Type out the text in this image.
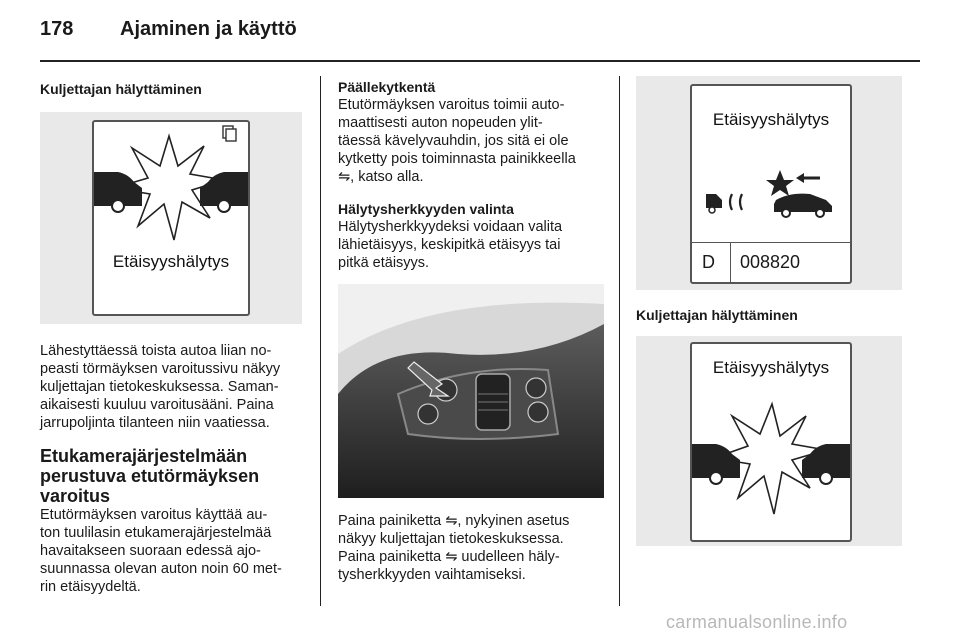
178 Ajaminen ja käyttö

Kuljettajan hälyttäminen

Etäisyyshälytys

Lähestyttäessä toista autoa liian no-

peasti törmäyksen varoitussivu näkyy

kuljettajan tietokeskuksessa. Saman-

aikaisesti kuuluu varoitusääni. Paina

jarrupoljinta tilanteen niin vaatiessa.

Etukamerajärjestelmään

perustuva etutörmäyksen

varoitus

Etutörmäyksen varoitus käyttää au-

ton tuulilasin etukamerajärjestelmää

havaitakseen suoraan edessä ajo-

suunnassa olevan auton noin 60 met-

rin etäisyydeltä.

Päällekytkentä

Etutörmäyksen varoitus toimii auto-

maattisesti auton nopeuden ylit-

täessä kävelyvauhdin, jos sitä ei ole

kytketty pois toiminnasta painikkeella

⇋, katso alla.

Hälytysherkkyyden valinta

Hälytysherkkyydeksi voidaan valita

lähietäisyys, keskipitkä etäisyys tai

pitkä etäisyys.

Paina painiketta ⇋, nykyinen asetus

näkyy kuljettajan tietokeskuksessa.

Paina painiketta ⇋ uudelleen häly-

tysherkkyyden vaihtamiseksi.

Etäisyyshälytys
D 008820

Kuljettajan hälyttäminen

Etäisyyshälytys
carmanualsonline.info
